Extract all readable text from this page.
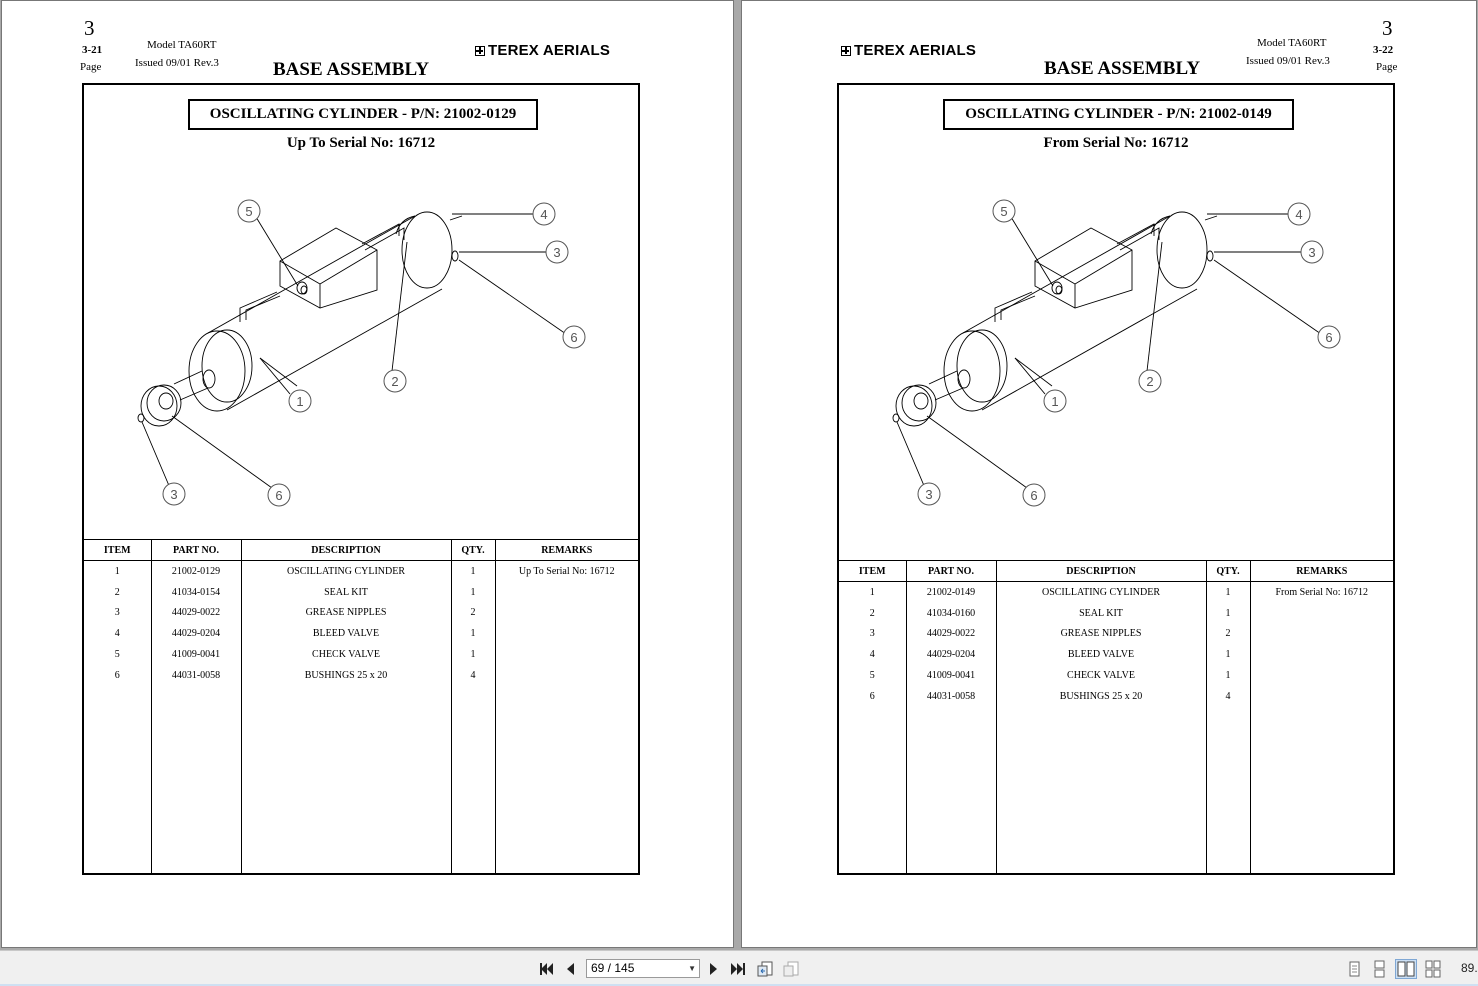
3
3-21
Page
Model TA60RT
Issued 09/01 Rev.3
TEREX AERIALS
BASE ASSEMBLY
OSCILLATING CYLINDER - P/N: 21002-0129
Up To Serial No: 16712
5	4
3
6
2
1
3	6
ITEM	PART NO.	DESCRIPTION	QTY.	REMARKS
1	21002-0129	OSCILLATING CYLINDER	1	Up To Serial No: 16712
2	41034-0154	SEAL KIT	1	
3	44029-0022	GREASE NIPPLES	2	
4	44029-0204	BLEED VALVE	1	
5	41009-0041	CHECK VALVE	1	
6	44031-0058	BUSHINGS 25 x 20	4	

3
3-22
Page
Model TA60RT
Issued 09/01 Rev.3
TEREX AERIALS
BASE ASSEMBLY
OSCILLATING CYLINDER - P/N: 21002-0149
From Serial No: 16712
5	4
3
6
2
1
3	6
ITEM	PART NO.	DESCRIPTION	QTY.	REMARKS
1	21002-0149	OSCILLATING CYLINDER	1	From Serial No: 16712
2	41034-0160	SEAL KIT	1	
3	44029-0022	GREASE NIPPLES	2	
4	44029-0204	BLEED VALVE	1	
5	41009-0041	CHECK VALVE	1	
6	44031-0058	BUSHINGS 25 x 20	4	

69 / 145	▼	89.
